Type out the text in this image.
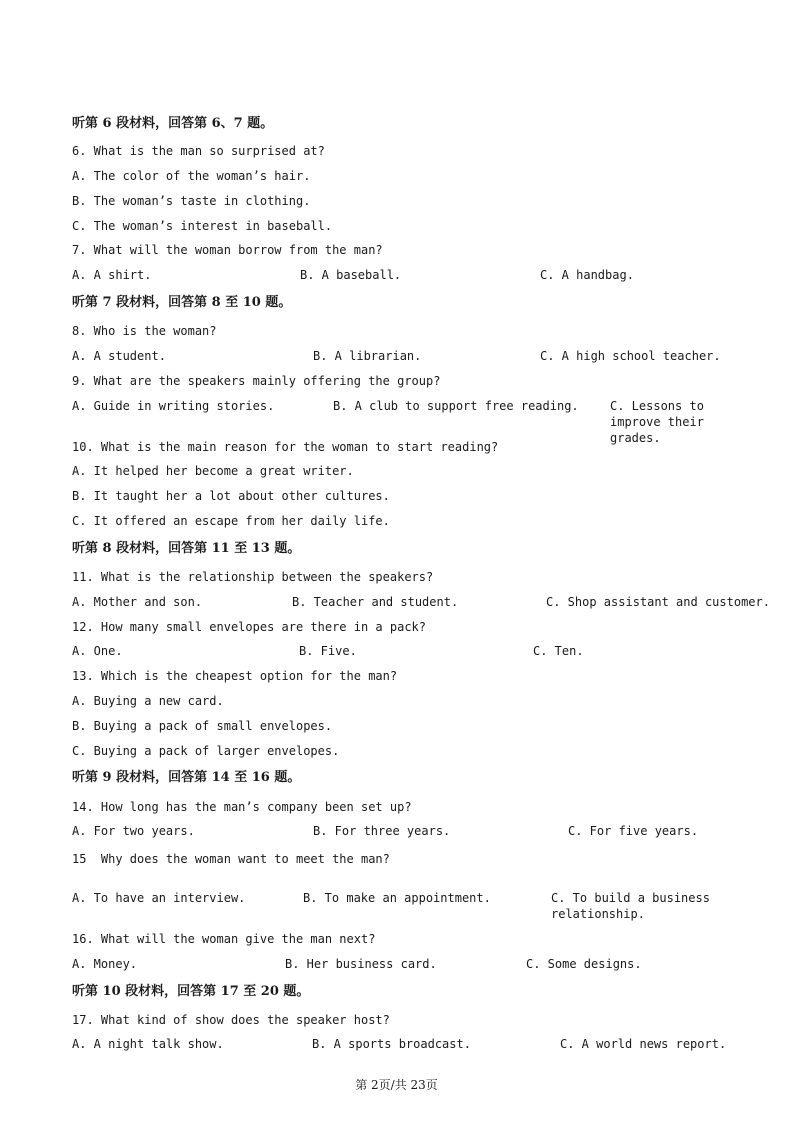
听第 6 段材料，回答第 6、7 题。
6. What is the man so surprised at?
A. The color of the woman’s hair.
B. The woman’s taste in clothing.
C. The woman’s interest in baseball.
7. What will the woman borrow from the man?
A. A shirt.	B. A baseball.	C. A handbag.
听第 7 段材料，回答第 8 至 10 题。
8. Who is the woman?
A. A student.	B. A librarian.	C. A high school teacher.
9. What are the speakers mainly offering the group?
A. Guide in writing stories.	B. A club to support free reading.	C. Lessons to improve their grades.
10. What is the main reason for the woman to start reading?
A. It helped her become a great writer.
B. It taught her a lot about other cultures.
C. It offered an escape from her daily life.
听第 8 段材料，回答第 11 至 13 题。
11. What is the relationship between the speakers?
A. Mother and son.	B. Teacher and student.	C. Shop assistant and customer.
12. How many small envelopes are there in a pack?
A. One.	B. Five.	C. Ten.
13. Which is the cheapest option for the man?
A. Buying a new card.
B. Buying a pack of small envelopes.
C. Buying a pack of larger envelopes.
听第 9 段材料，回答第 14 至 16 题。
14. How long has the man’s company been set up?
A. For two years.	B. For three years.	C. For five years.
15  Why does the woman want to meet the man?
A. To have an interview.	B. To make an appointment.	C. To build a business relationship.
16. What will the woman give the man next?
A. Money.	B. Her business card.	C. Some designs.
听第 10 段材料，回答第 17 至 20 题。
17. What kind of show does the speaker host?
A. A night talk show.	B. A sports broadcast.	C. A world news report.
第 2页/共 23页
